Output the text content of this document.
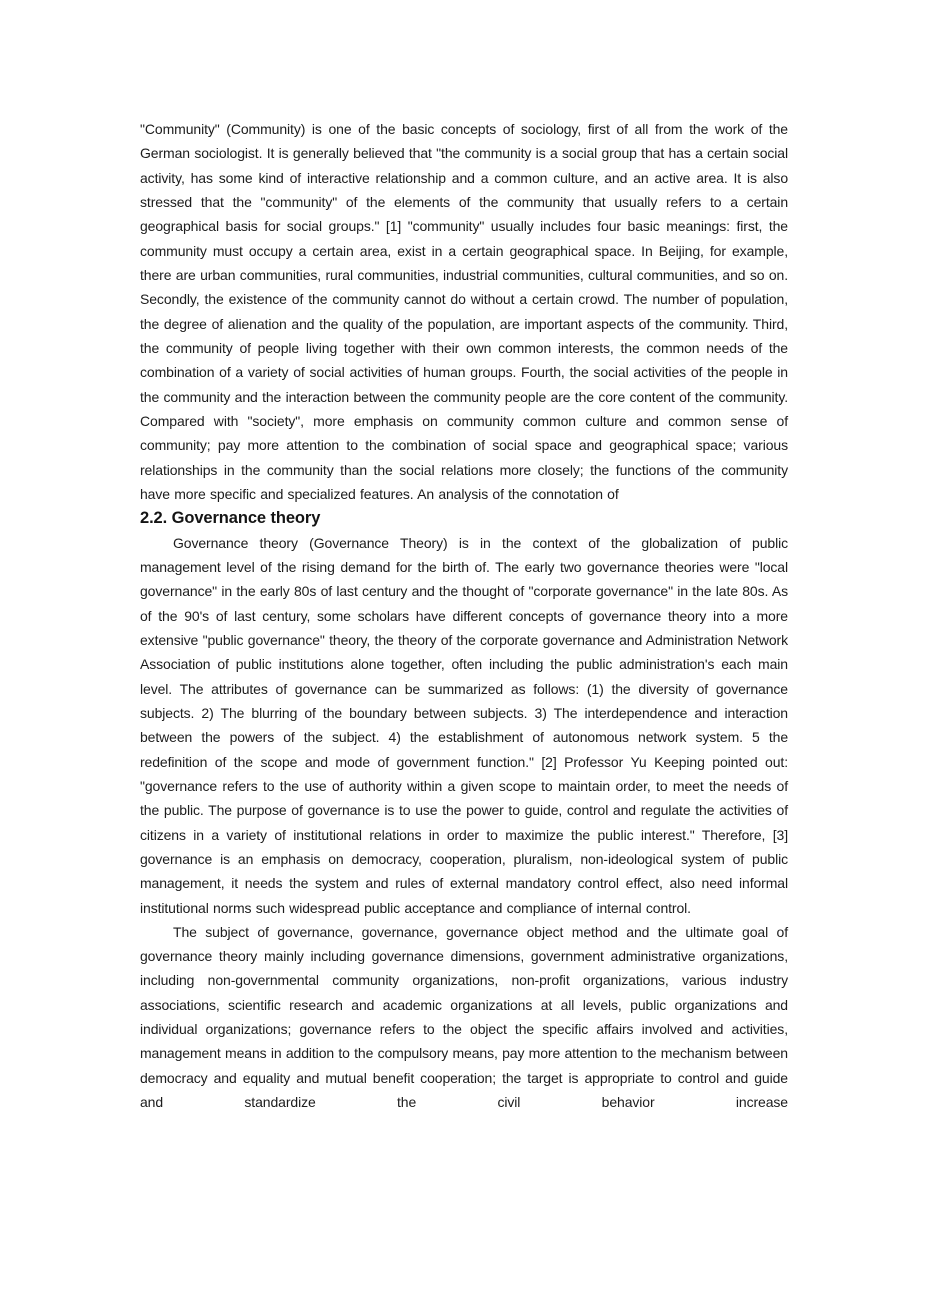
"Community" (Community) is one of the basic concepts of sociology, first of all from the work of the German sociologist. It is generally believed that "the community is a social group that has a certain social activity, has some kind of interactive relationship and a common culture, and an active area. It is also stressed that the "community" of the elements of the community that usually refers to a certain geographical basis for social groups." [1] "community" usually includes four basic meanings: first, the community must occupy a certain area, exist in a certain geographical space. In Beijing, for example, there are urban communities, rural communities, industrial communities, cultural communities, and so on. Secondly, the existence of the community cannot do without a certain crowd. The number of population, the degree of alienation and the quality of the population, are important aspects of the community. Third, the community of people living together with their own common interests, the common needs of the combination of a variety of social activities of human groups. Fourth, the social activities of the people in the community and the interaction between the community people are the core content of the community. Compared with "society", more emphasis on community common culture and common sense of community; pay more attention to the combination of social space and geographical space; various relationships in the community than the social relations more closely; the functions of the community have more specific and specialized features. An analysis of the connotation of

2.2. Governance theory

Governance theory (Governance Theory) is in the context of the globalization of public management level of the rising demand for the birth of. The early two governance theories were "local governance" in the early 80s of last century and the thought of "corporate governance" in the late 80s. As of the 90's of last century, some scholars have different concepts of governance theory into a more extensive "public governance" theory, the theory of the corporate governance and Administration Network Association of public institutions alone together, often including the public administration's each main level. The attributes of governance can be summarized as follows: (1) the diversity of governance subjects. 2) The blurring of the boundary between subjects. 3) The interdependence and interaction between the powers of the subject. 4) the establishment of autonomous network system. 5 the redefinition of the scope and mode of government function." [2] Professor Yu Keeping pointed out: "governance refers to the use of authority within a given scope to maintain order, to meet the needs of the public. The purpose of governance is to use the power to guide, control and regulate the activities of citizens in a variety of institutional relations in order to maximize the public interest." Therefore, [3] governance is an emphasis on democracy, cooperation, pluralism, non-ideological system of public management, it needs the system and rules of external mandatory control effect, also need informal institutional norms such widespread public acceptance and compliance of internal control.

The subject of governance, governance, governance object method and the ultimate goal of governance theory mainly including governance dimensions, government administrative organizations, including non-governmental community organizations, non-profit organizations, various industry associations, scientific research and academic organizations at all levels, public organizations and individual organizations; governance refers to the object the specific affairs involved and activities, management means in addition to the compulsory means, pay more attention to the mechanism between democracy and equality and mutual benefit cooperation; the target is appropriate to control and guide and standardize the civil behavior increase
